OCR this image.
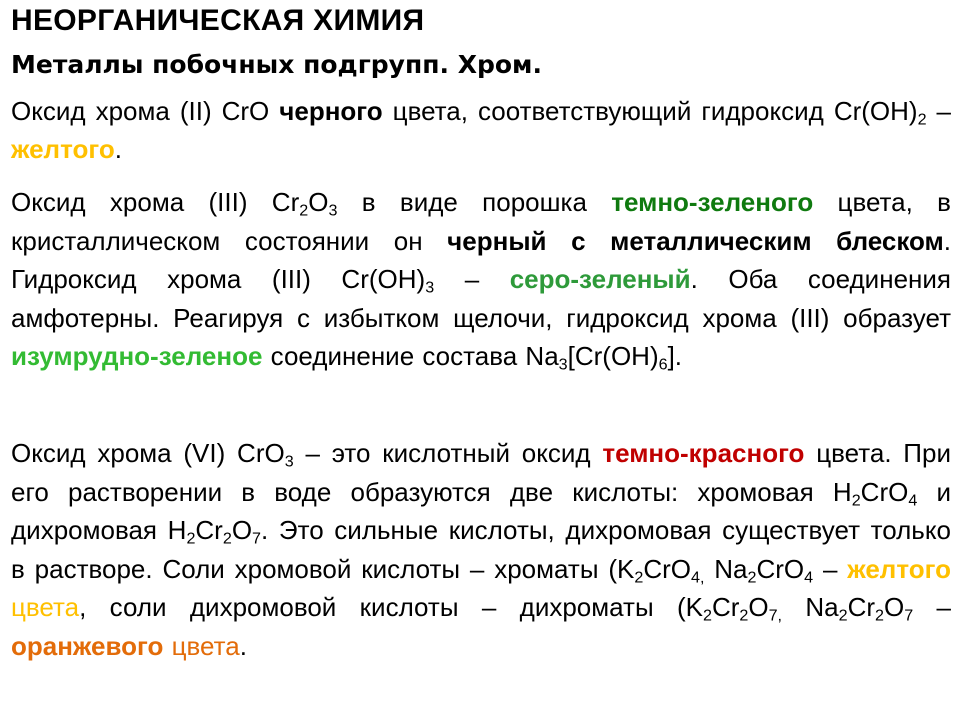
НЕОРГАНИЧЕСКАЯ ХИМИЯ
Металлы побочных подгрупп. Хром.

Оксид хрома (II) CrO черного цвета, соответствующий гидроксид $Cr(OH)_2$ – желтого.

Оксид хрома (III) $Cr_2O_3$ в виде порошка темно-зеленого цвета, в кристаллическом состоянии он черный с металлическим блеском. Гидроксид хрома (III) $Cr(OH)_3$ – серо-зеленый. Оба соединения амфотерны. Реагируя с избытком щелочи, гидроксид хрома (III) образует изумрудно-зеленое соединение состава $Na_3[Cr(OH)_6]$.

Оксид хрома (VI) CrO$_3$ – это кислотный оксид темно-красного цвета. При его растворении в воде образуются две кислоты: хромовая $H_2CrO_4$ и дихромовая $H_2Cr_2O_7$. Это сильные кислоты, дихромовая существует только в растворе. Соли хромовой кислоты – хроматы ($K_2CrO_{4,}$ $Na_2CrO_4$ – желтого цвета, соли дихромовой кислоты – дихроматы ($K_2Cr_2O_{7,}$ $Na_2Cr_2O_7$ – оранжевого цвета.
